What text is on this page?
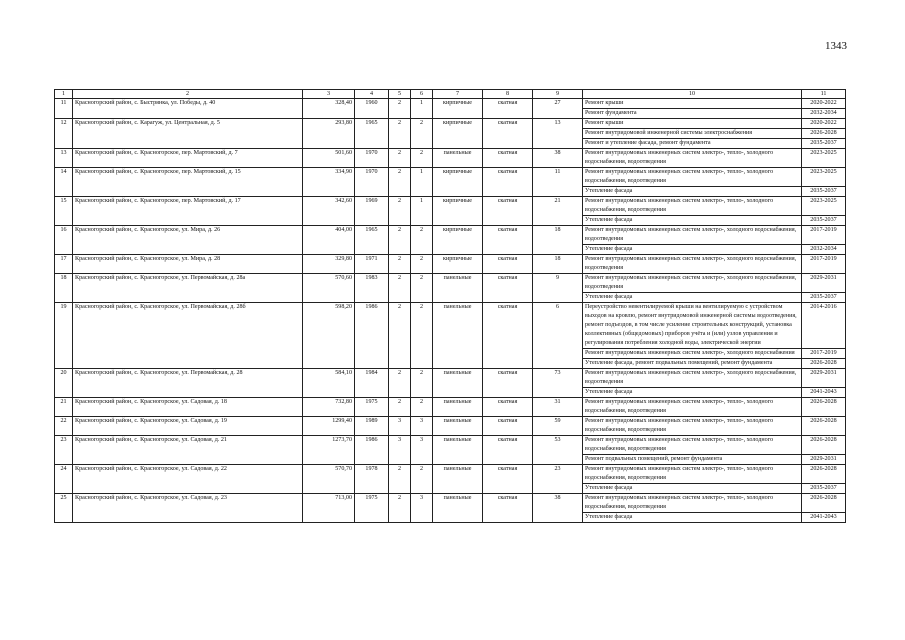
1343
1	2	3	4	5	6	7	8	9	10	11
11	Красногорский район, с. Быстрянка, ул. Победы, д. 40	328,40	1960	2	1	кирпичные	скатная	27	Ремонт крыши	2020-2022
									Ремонт фундамента	2032-2034
12	Красногорский район, с. Карагуж, ул. Центральная, д. 5	293,80	1965	2	2	кирпичные	скатная	13	Ремонт крыши	2020-2022
									Ремонт внутридомовой инженерной системы электроснабжения	2026-2028
									Ремонт и утепление фасада, ремонт фундамента	2035-2037
13	Красногорский район, с. Красногорское, пер. Мартовский, д. 7	501,60	1970	2	2	панельные	скатная	38	Ремонт внутридомовых инженерных систем электро-, тепло-, холодного водоснабжения, водоотведения	2023-2025
14	Красногорский район, с. Красногорское, пер. Мартовский, д. 15	334,90	1970	2	1	кирпичные	скатная	11	Ремонт внутридомовых инженерных систем электро-, тепло-, холодного водоснабжения, водоотведения	2023-2025
									Утепление фасада	2035-2037
15	Красногорский район, с. Красногорское, пер. Мартовский, д. 17	342,60	1969	2	1	кирпичные	скатная	21	Ремонт внутридомовых инженерных систем электро-, тепло-, холодного водоснабжения, водоотведения	2023-2025
									Утепление фасада	2035-2037
16	Красногорский район, с. Красногорское, ул. Мира, д. 26	404,00	1965	2	2	кирпичные	скатная	18	Ремонт внутридомовых инженерных систем электро-, холодного водоснабжения, водоотведения	2017-2019
									Утепление фасада	2032-2034
17	Красногорский район, с. Красногорское, ул. Мира, д. 28	329,80	1971	2	2	кирпичные	скатная	18	Ремонт внутридомовых инженерных систем электро-, холодного водоснабжения, водоотведения	2017-2019
18	Красногорский район, с. Красногорское, ул. Первомайская, д. 28а	570,60	1983	2	2	панельные	скатная	9	Ремонт внутридомовых инженерных систем электро-, холодного водоснабжения, водоотведения	2029-2031
									Утепление фасада	2035-2037
19	Красногорский район, с. Красногорское, ул. Первомайская, д. 28б	598,20	1986	2	2	панельные	скатная	6	Переустройство невентилируемой крыши на вентилируемую с устройством выходов на кровлю, ремонт внутридомовой инженерной системы водоотведения, ремонт подъездов, в том числе усиление строительных конструкций, установка коллективных (общедомовых) приборов учёта и (или) узлов управления и регулирования потребления холодной воды, электрической энергии	2014-2016
									Ремонт внутридомовых инженерных систем электро-, холодного водоснабжения	2017-2019
									Утепление фасада, ремонт подвальных помещений, ремонт фундамента	2026-2028
20	Красногорский район, с. Красногорское, ул. Первомайская, д. 28	584,10	1984	2	2	панельные	скатная	73	Ремонт внутридомовых инженерных систем электро-, холодного водоснабжения, водоотведения	2029-2031
									Утепление фасада	2041-2043
21	Красногорский район, с. Красногорское, ул. Садовая, д. 18	732,80	1975	2	2	панельные	скатная	31	Ремонт внутридомовых инженерных систем электро-, тепло-, холодного водоснабжения, водоотведения	2026-2028
22	Красногорский район, с. Красногорское, ул. Садовая, д. 19	1299,40	1989	3	3	панельные	скатная	59	Ремонт внутридомовых инженерных систем электро-, тепло-, холодного водоснабжения, водоотведения	2026-2028
23	Красногорский район, с. Красногорское, ул. Садовая, д. 21	1273,70	1986	3	3	панельные	скатная	53	Ремонт внутридомовых инженерных систем электро-, тепло-, холодного водоснабжения, водоотведения	2026-2028
									Ремонт подвальных помещений, ремонт фундамента	2029-2031
24	Красногорский район, с. Красногорское, ул. Садовая, д. 22	570,70	1978	2	2	панельные	скатная	23	Ремонт внутридомовых инженерных систем электро-, тепло-, холодного водоснабжения, водоотведения	2026-2028
									Утепление фасада	2035-2037
25	Красногорский район, с. Красногорское, ул. Садовая, д. 23	713,00	1975	2	3	панельные	скатная	38	Ремонт внутридомовых инженерных систем электро-, тепло-, холодного водоснабжения, водоотведения	2026-2028
									Утепление фасада	2041-2043
